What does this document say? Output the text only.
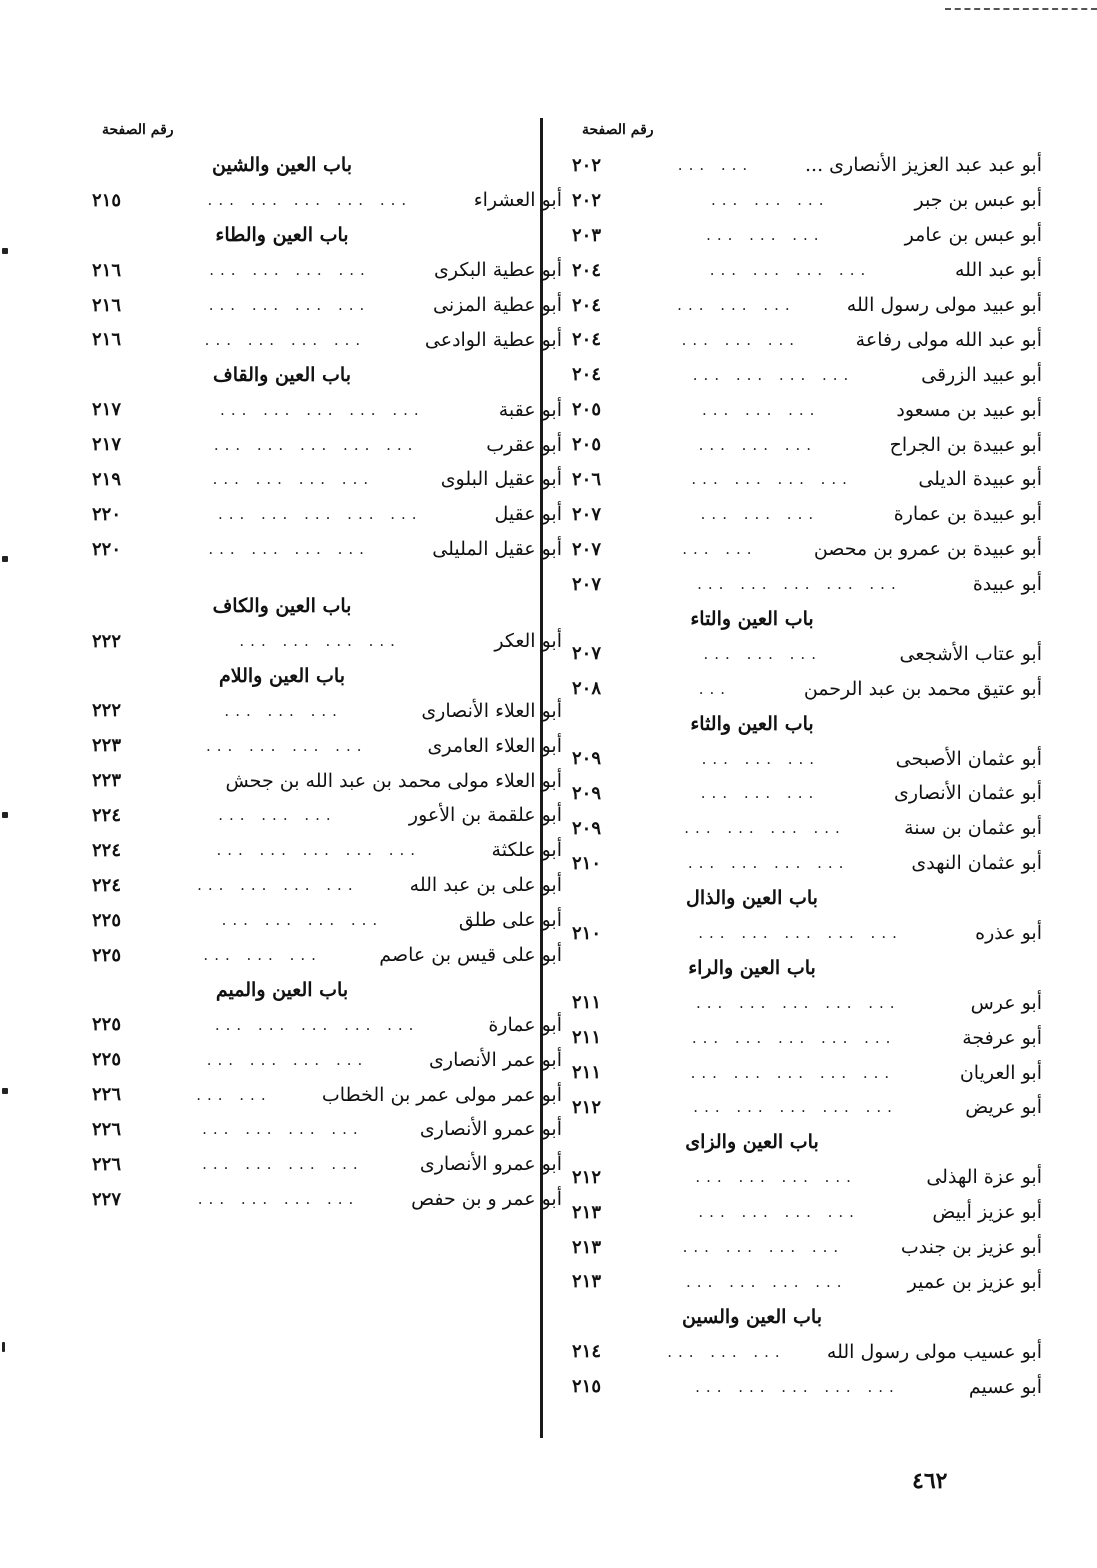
رقم الصفحة
أبو عبد عبد العزيز الأنصارى ...
... ...
٢٠٢
أبو عبس بن جبر
... ... ...
٢٠٢
أبو عبس بن عامر
... ... ...
٢٠٣
أبو عبد الله
... ... ... ...
٢٠٤
أبو عبيد مولى رسول الله
... ... ...
٢٠٤
أبو عبد الله مولى رفاعة
... ... ...
٢٠٤
أبو عبيد الزرقى
... ... ... ...
٢٠٤
أبو عبيد بن مسعود
... ... ...
٢٠٥
أبو عبيدة بن الجراح
... ... ...
٢٠٥
أبو عبيدة الديلى
... ... ... ...
٢٠٦
أبو عبيدة بن عمارة
... ... ...
٢٠٧
أبو عبيدة بن عمرو بن محصن
... ...
٢٠٧
أبو عبيدة
... ... ... ... ...
٢٠٧
باب العين والتاء
أبو عتاب الأشجعى
... ... ...
٢٠٧
أبو عتيق محمد بن عبد الرحمن
...
٢٠٨
باب العين والثاء
أبو عثمان الأصبحى
... ... ...
٢٠٩
أبو عثمان الأنصارى
... ... ...
٢٠٩
أبو عثمان بن سنة
... ... ... ...
٢٠٩
أبو عثمان النهدى
... ... ... ...
٢١٠
باب العين والذال
أبو عذره
... ... ... ... ...
٢١٠
باب العين والراء
أبو عرس
... ... ... ... ...
٢١١
أبو عرفجة
... ... ... ... ...
٢١١
أبو العريان
... ... ... ... ...
٢١١
أبو عريض
... ... ... ... ...
٢١٢
باب العين والزاى
أبو عزة الهذلى
... ... ... ...
٢١٢
أبو عزيز أبيض
... ... ... ...
٢١٣
أبو عزيز بن جندب
... ... ... ...
٢١٣
أبو عزيز بن عمير
... ... ... ...
٢١٣
باب العين والسين
أبو عسيب مولى رسول الله
... ... ...
٢١٤
أبو عسيم
... ... ... ... ...
٢١٥
رقم الصفحة
باب العين والشين
أبو العشراء
... ... ... ... ...
٢١٥
باب العين والطاء
أبو عطية البكرى
... ... ... ...
٢١٦
أبو عطية المزنى
... ... ... ...
٢١٦
أبو عطية الوادعى
... ... ... ...
٢١٦
باب العين والقاف
أبو عقبة
... ... ... ... ...
٢١٧
أبو عقرب
... ... ... ... ...
٢١٧
أبو عقيل البلوى
... ... ... ...
٢١٩
أبو عقيل
... ... ... ... ...
٢٢٠
أبو عقيل المليلى
... ... ... ...
٢٢٠
باب العين والكاف
أبو العكر
... ... ... ...
٢٢٢
باب العين واللام
أبو العلاء الأنصارى
... ... ...
٢٢٢
أبو العلاء العامرى
... ... ... ...
٢٢٣
أبو العلاء مولى محمد بن عبد الله بن جحش
٢٢٣
أبو علقمة بن الأعور
... ... ...
٢٢٤
أبو علكثة
... ... ... ... ...
٢٢٤
أبو على بن عبد الله
... ... ... ...
٢٢٤
أبو على طلق
... ... ... ...
٢٢٥
أبو على قيس بن عاصم
... ... ...
٢٢٥
باب العين والميم
أبو عمارة
... ... ... ... ...
٢٢٥
أبو عمر الأنصارى
... ... ... ...
٢٢٥
أبو عمر مولى عمر بن الخطاب
... ...
٢٢٦
أبو عمرو الأنصارى
... ... ... ...
٢٢٦
أبو عمرو الأنصارى
... ... ... ...
٢٢٦
أبو عمر و بن حفص
... ... ... ...
٢٢٧
٤٦٢
